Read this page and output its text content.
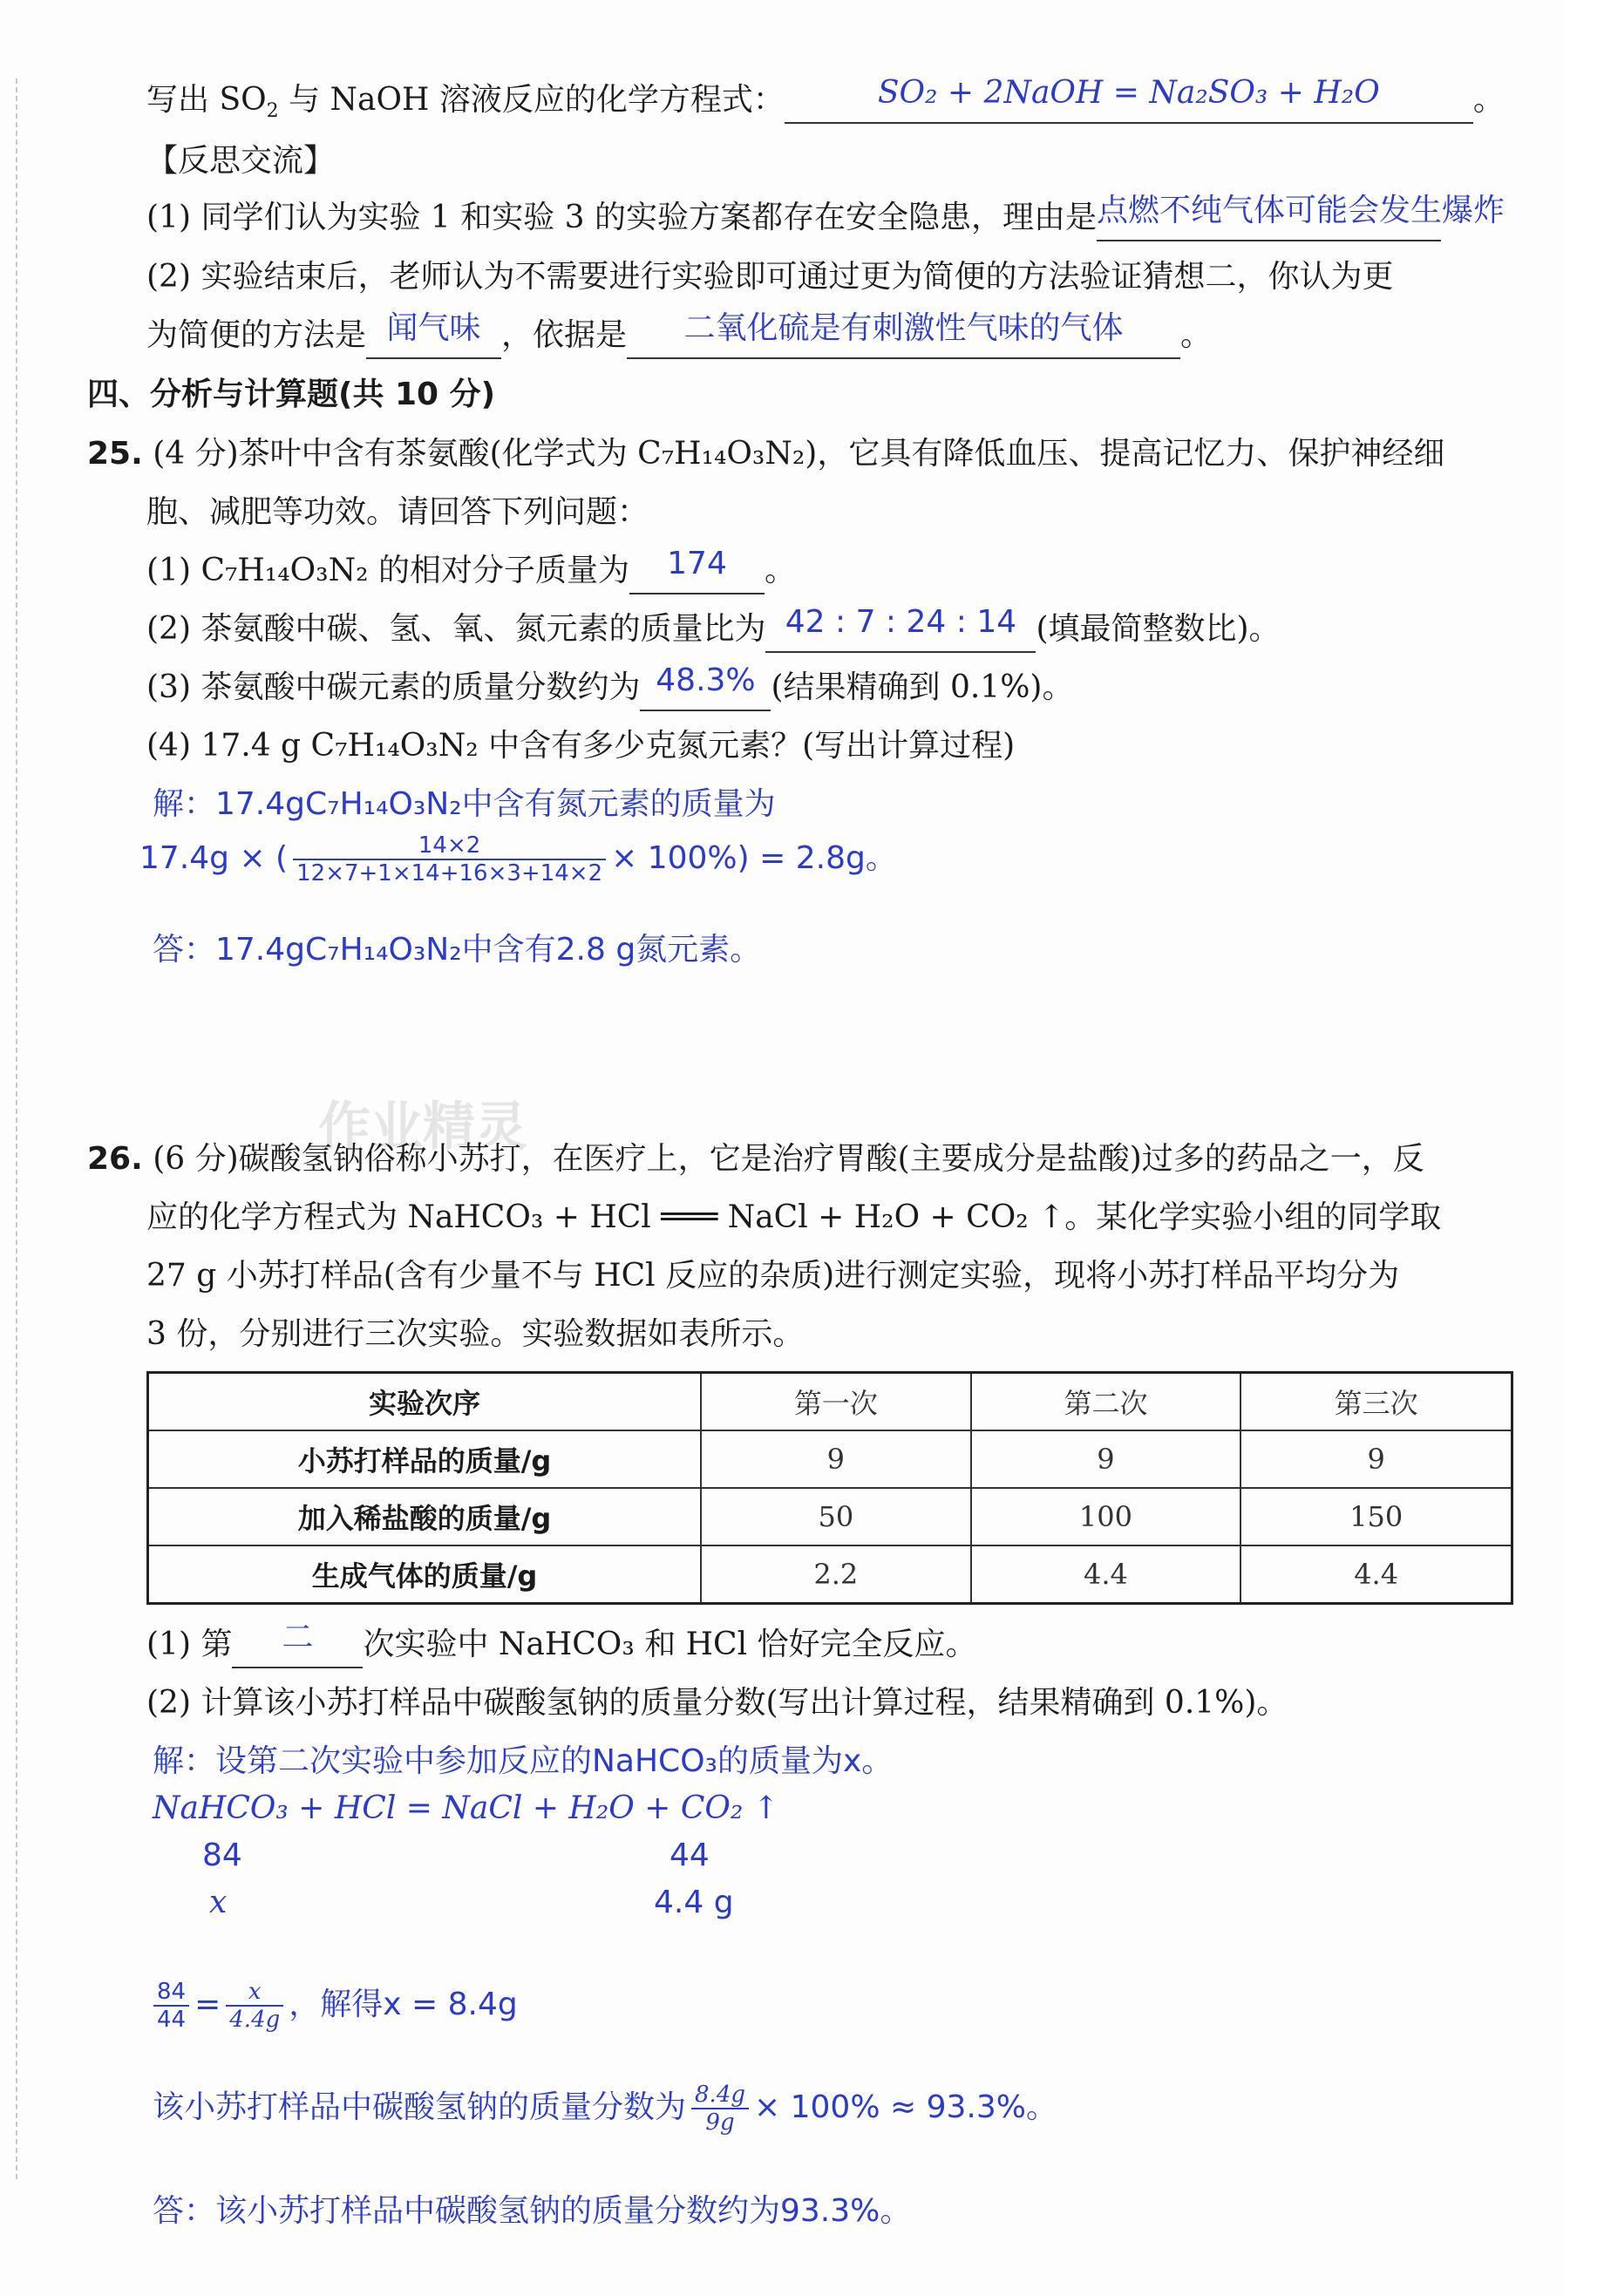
写出 $SO_2$ 与 NaOH 溶液反应的化学方程式：	SO₂ + 2NaOH = Na₂SO₃ + H₂O	。
【反思交流】
(1) 同学们认为实验 1 和实验 3 的实验方案都存在安全隐患，理由是点燃不纯气体可能会发生爆炸
(2) 实验结束后，老师认为不需要进行实验即可通过更为简便的方法验证猜想二，你认为更
为简便的方法是 闻气味 ，依据是 二氧化硫是有刺激性气味的气体 。
四、分析与计算题(共 10 分)
25. (4 分)茶叶中含有茶氨酸(化学式为 C₇H₁₄O₃N₂)，它具有降低血压、提高记忆力、保护神经细
胞、减肥等功效。请回答下列问题：
(1) C₇H₁₄O₃N₂ 的相对分子质量为 174 。
(2) 茶氨酸中碳、氢、氧、氮元素的质量比为 42 : 7 : 24 : 14 (填最简整数比)。
(3) 茶氨酸中碳元素的质量分数约为 48.3% (结果精确到 0.1%)。
(4) 17.4 g C₇H₁₄O₃N₂ 中含有多少克氮元素？(写出计算过程)
解：17.4gC₇H₁₄O₃N₂中含有氮元素的质量为
17.4g × ( $\frac{14\times 2}{12\times 7+1\times 14+16\times 3+14\times 2} \times 100\%) = 2.8g$。
答：17.4gC₇H₁₄O₃N₂中含有2.8 g氮元素。
作业精灵
26. (6 分)碳酸氢钠俗称小苏打，在医疗上，它是治疗胃酸(主要成分是盐酸)过多的药品之一，反
应的化学方程式为 NaHCO₃ + HCl ═══ NaCl + H₂O + CO₂ ↑。某化学实验小组的同学取
27 g 小苏打样品(含有少量不与 HCl 反应的杂质)进行测定实验，现将小苏打样品平均分为
3 份，分别进行三次实验。实验数据如表所示。
实验次序	第一次	第二次	第三次
小苏打样品的质量/g	9	9	9
加入稀盐酸的质量/g	50	100	150
生成气体的质量/g	2.2	4.4	4.4
(1) 第 二 次实验中 NaHCO₃ 和 HCl 恰好完全反应。
(2) 计算该小苏打样品中碳酸氢钠的质量分数(写出计算过程，结果精确到 0.1%)。
解：设第二次实验中参加反应的NaHCO₃的质量为x。
NaHCO₃ + HCl = NaCl + H₂O + CO₂ ↑
84	44
x	4.4 g
$\frac{84}{44} = \frac{x}{4.4g}$ ，解得x = 8.4g
该小苏打样品中碳酸氢钠的质量分数为 $\frac{8.4g}{9g} \times 100\% \approx 93.3\%$。
答：该小苏打样品中碳酸氢钠的质量分数约为93.3%。
